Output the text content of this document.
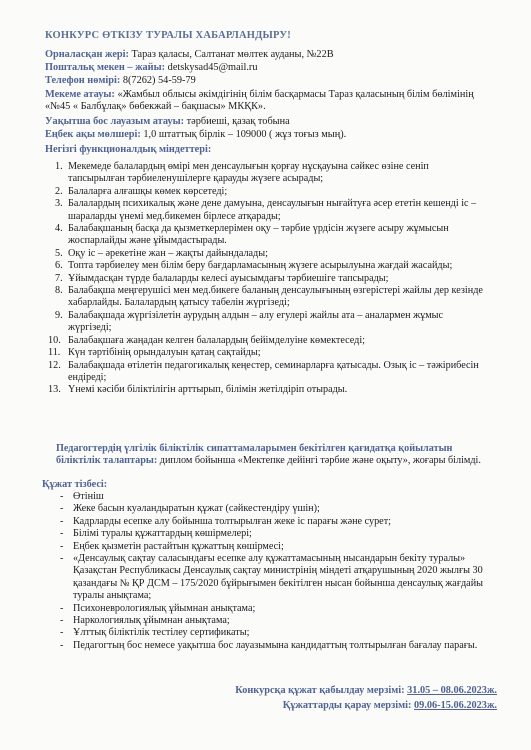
КОНКУРС ӨТКІЗУ ТУРАЛЫ ХАБАРЛАНДЫРУ!
Орналасқан жері: Тараз қаласы, Салтанат мөлтек ауданы, №22В
Поштальқ мекен – жайы: detskysad45@mail.ru
Телефон нөмірі: 8(7262) 54-59-79
Мекеме атауы: «Жамбыл облысы әкімдігінің білім басқармасы Тараз қаласының білім бөлімінің «№45 « Балбұлақ» бөбекжай – бақшасы» МКҚК».
Уақытша бос лауазым атауы: тәрбиеші, қазақ тобына
Еңбек ақы мөлшері: 1,0 штаттық бірлік – 109000 ( жұз тоғыз мың).
Негізгі функционалдық міндеттері:
1. Мекемеде балалардың өмірі мен денсаулығын қорғау нұсқауына сәйкес өзіне сеніп тапсырылған тәрбиеленушілерге қарауды жүзеге асырады;
2. Балаларға алғашқы көмек көрсетеді;
3. Балалардың психикалық және дене дамуына, денсаулығын нығайтуға әсер ететін кешенді іс – шараларды үнемі мед.бикемен бірлесе атқарады;
4. Балабақшаның басқа да қызметкерлерімен оқу – тәрбие үрдісін жүзеге асыру жұмысын жоспарлайды және ұйымдастырады.
5. Оқу іс – әрекетіне жан – жақты дайындалады;
6. Топта тәрбиелеу мен білім беру бағдарламасының жүзеге асырылуына жағдай жасайды;
7. Ұйымдасқан түрде балаларды келесі ауысымдағы тәрбиешіге тапсырады;
8. Балабақша меңгерушісі мен мед.бикеге баланың денсаулығының өзгерістері жайлы дер кезінде хабарлайды. Балалардың қатысу табелін жүргізеді;
9. Балабақшада жүргізілетін аурудың алдын – алу егулері жайлы ата – аналармен жұмыс жүргізеді;
10. Балабақшаға жаңадан келген балалардың бейімделуіне көмектеседі;
11. Күн тәртібінің орындалуын қатаң сақтайды;
12. Балабақшада өтілетін педагогикалық кеңестер, семинарларға қатысады. Озық іс – тәжірибесін ендіреді;
13. Үнемі кәсіби біліктілігін арттырып, білімін жетілдіріп отырады.
Педагогтердің үлгілік біліктілік сипаттамаларымен бекітілген қағидатқа қойылатын біліктілік талаптары: диплом бойынша «Мектепке дейінгі тәрбие және оқыту», жоғары білімді.
Құжат тізбесі:
- Өтініш
- Жеке басын куәландыратын құжат (сәйкестендіру үшін);
- Кадрларды есепке алу бойынша толтырылған жеке іс парағы және сурет;
- Білімі туралы құжаттардың көшірмелері;
- Еңбек қызметін растайтын құжаттың көшірмесі;
- «Денсаулық сақтау саласындағы есепке алу құжаттамасының нысандарын бекіту туралы» Қазақстан Республикасы Денсаулық сақтау министрінің міндеті атқарушының 2020 жылғы 30 қазандағы № ҚР ДСМ – 175/2020 бұйрығымен бекітілген нысан бойынша денсаулық жағдайы туралы анықтама;
- Психоневрологиялық ұйымнан анықтама;
- Наркологиялық ұйымнан анықтама;
- Ұлттық біліктілік тестілеу сертификаты;
- Педагогтың бос немесе уақытша бос лауазымына кандидаттың толтырылған бағалау парағы.
Конкурсқа құжат қабылдау мерзімі: 31.05 – 08.06.2023ж.
Құжаттарды қарау мерзімі: 09.06-15.06.2023ж.
